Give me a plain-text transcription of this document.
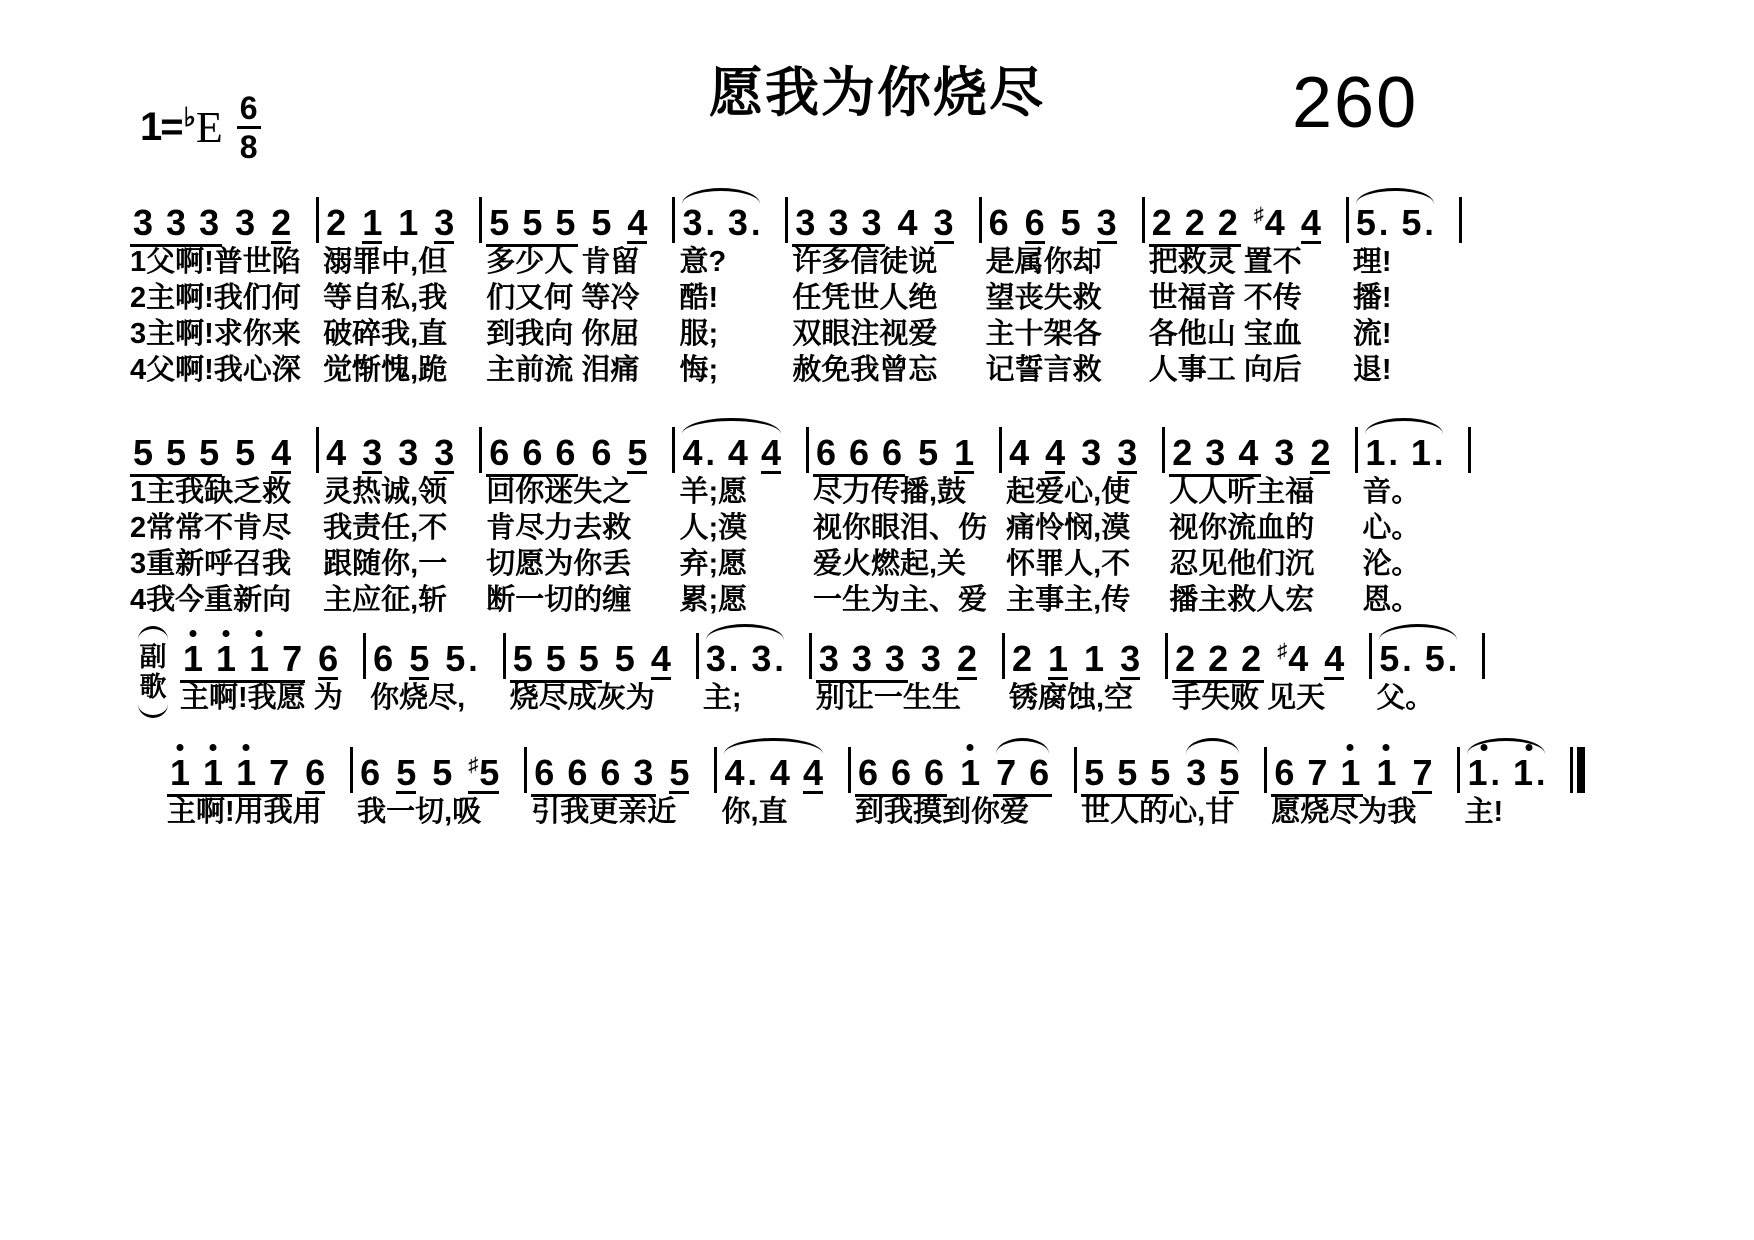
1= ♭ E $\frac{6}{8}$	愿我为你烧尽	260
3 3 3 3 2
1父啊!普世陷
2主啊!我们何
3主啊!求你来
4父啊!我心深
2 1 1 3
溺罪中,但
等自私,我
破碎我,直
觉惭愧,跪
5 5 5 5 4
多少人 肯留
们又何 等冷
到我向 你屈
主前流 泪痛
3 . 3 .
意?
酷!
服;
悔;
3 3 3 4 3
许多信徒说
任凭世人绝
双眼注视爱
赦免我曾忘
6 6 5 3
是属你却
望丧失救
主十架各
记誓言救
2 2 2 ♯ 4 4
把救灵 置不
世福音 不传
各他山 宝血
人事工 向后
5 . 5 .
理!
播!
流!
退!
5 5 5 5 4
1主我缺乏救
2常常不肯尽
3重新呼召我
4我今重新向
4 3 3 3
灵热诚,领
我责任,不
跟随你,一
主应征,斩
6 6 6 6 5
回你迷失之
肯尽力去救
切愿为你丢
断一切的缠
4 . 4 4
羊;愿
人;漠
弃;愿
累;愿
6 6 6 5 1
尽力传播,鼓
视你眼泪、伤
爱火燃起,关
一生为主、爱
4 4 3 3
起爱心,使
痛怜悯,漠
怀罪人,不
主事主,传
2 3 4 3 2
人人听主福
视你流血的
忍见他们沉
播主救人宏
1 . 1 .
音。
心。
沦。
恩。
副
歌
1 1 1 7 6
主啊!我愿 为
6 5 5 .
你烧尽,
5 5 5 5 4
烧尽成灰为
3 . 3 .
主;
3 3 3 3 2
别让一生生
2 1 1 3
锈腐蚀,空
2 2 2 ♯ 4 4
手失败 见天
5 . 5 .
父。
1 1 1 7 6
主啊!用我用
6 5 5 ♯ 5
我一切,吸
6 6 6 3 5
引我更亲近
4 . 4 4
你,直
6 6 6 1 7 6
到我摸到你爱
5 5 5 3 5
世人的心,甘
6 7 1 1 7
愿烧尽为我
1 . 1 .
主!
